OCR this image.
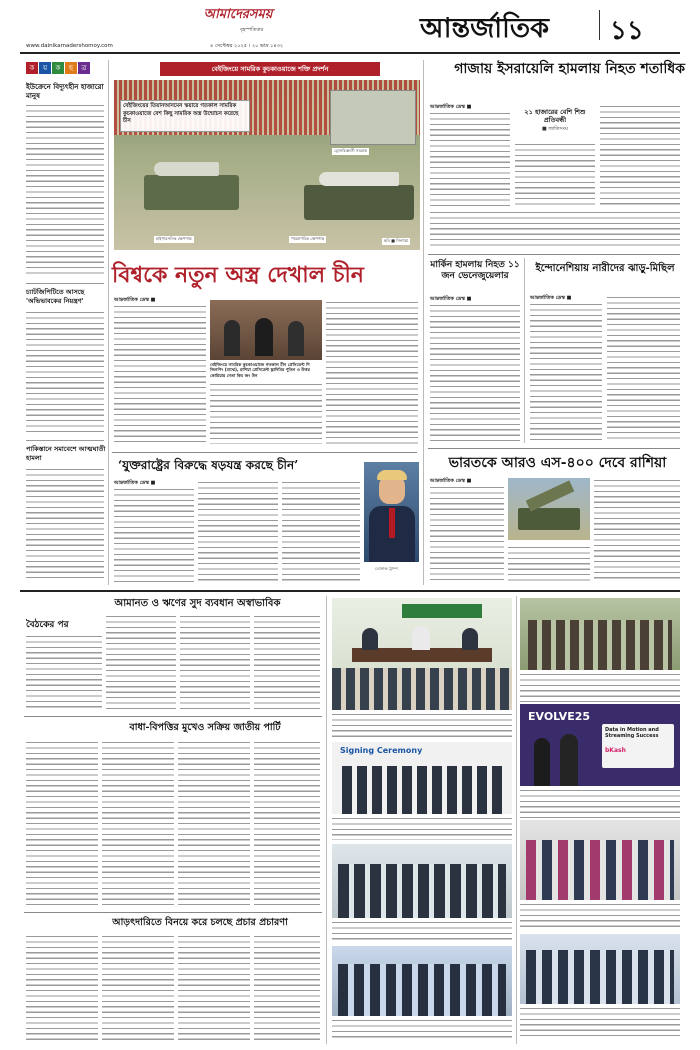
আমাদেরসময়
বৃহস্পতিবার
৪ সেপ্টেম্বর ২০২৫ । ২০ ভাদ্র ১৪৩২
www.dainikamadershomoy.com
আন্তর্জাতিক ১১
ক	য়	ক	ছ	ত্র
ইউক্রেনে বিদ্যুৎহীন হাজারো মানুষ
চ্যাটজিপিটিতে আসছে 'অভিভাবকের নিয়ন্ত্রণ'
পাকিস্তানে সমাবেশে আত্মঘাতী হামলা
বেইজিংয়ে সামরিক কুচকাওয়াজে শক্তি প্রদর্শন
বেইজিংয়ের তিয়ানআনমেন স্কয়ারে গতকাল সামরিক কুচকাওয়াজে বেশ কিছু সামরিক অস্ত্র উন্মোচন করেছে চীন
হাইপারসনিক ক্ষেপণাস্ত্র	পারমাণবিক ক্ষেপণাস্ত্র
ড্রোনবিধ্বংসী সমরাস্ত্র
ছবি ■ সিনহুয়া
বিশ্বকে নতুন অস্ত্র দেখাল চীন
আন্তর্জাতিক ডেস্ক ■
বেইজিংয়ে সামরিক কুচকাওয়াজে গতকাল চীন প্রেসিডেন্ট শি জিনপিং (মাঝে), রাশিয়া প্রেসিডেন্ট ভ্লাদিমির পুতিন ও উত্তর কোরিয়ার নেতা কিম জং উন
‘যুক্তরাষ্ট্রের বিরুদ্ধে ষড়যন্ত্র করছে চীন’
আন্তর্জাতিক ডেস্ক ■
ডোনাল্ড ট্রাম্প
গাজায় ইসরায়েলি হামলায় নিহত শতাধিক
আন্তর্জাতিক ডেস্ক ■
২১ হাজারের বেশি শিশু প্রতিবন্ধী
■ জাতিসংঘ
মার্কিন হামলায় নিহত ১১ জন ভেনেজুয়েলার
আন্তর্জাতিক ডেস্ক ■
ইন্দোনেশিয়ায় নারীদের ঝাড়ু-মিছিল
আন্তর্জাতিক ডেস্ক ■
ভারতকে আরও এস-৪০০ দেবে রাশিয়া
আন্তর্জাতিক ডেস্ক ■
আমানত ও ঋণের সুদ ব্যবধান অস্বাভাবিক
বৈঠকের পর
বাধা-বিপত্তির মুখেও সক্রিয় জাতীয় পার্টি
আড়ৎদারিতে বিনয়ে করে চলছে প্রচার প্রচারণা
Signing Ceremony
EVOLVE25
Data in Motion and Streaming Success
bKash
